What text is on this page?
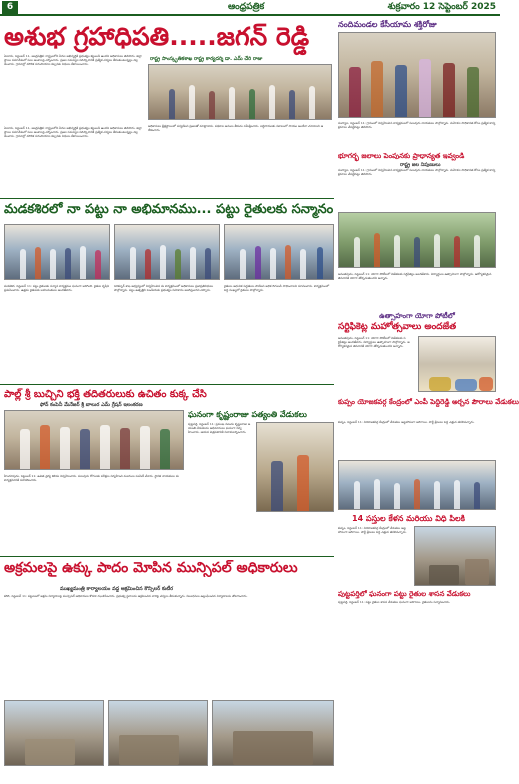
6	ఆంధ్రపత్రిక	శుక్రవారం 12 సెప్టెంబర్ 2025
అశుభ గ్రహాధిపతి.....జగన్ రెడ్డి
రాష్ట్ర సాంస్కృతికశాఖ రాష్ట్ర కార్యదర్శి డా. ఎమ్ చేరి రాజు
ఏలూరు, సెప్టెంబర్ 11, ఆంధ్రపత్రిక: రాష్ట్రంలోని పేదల అభివృద్ధికి ప్రభుత్వం కట్టుబడి ఉందని అధికారులు తెలిపారు. జిల్లా స్థాయి సమావేశంలో పలు అంశాలపై చర్చించారు. ప్రజల సమస్యల పరిష్కారానికి ప్రత్యేక చర్యలు తీసుకుంటున్నట్లు వెల్లడించారు. గ్రామాల్లో మౌలిక సదుపాయాల కల్పనకు నిధులు కేటాయించారు.
ఏలూరు, సెప్టెంబర్ 11, ఆంధ్రపత్రిక: రాష్ట్రంలోని పేదల అభివృద్ధికి ప్రభుత్వం కట్టుబడి ఉందని అధికారులు తెలిపారు. జిల్లా స్థాయి సమావేశంలో పలు అంశాలపై చర్చించారు. ప్రజల సమస్యల పరిష్కారానికి ప్రత్యేక చర్యలు తీసుకుంటున్నట్లు వెల్లడించారు. గ్రామాల్లో మౌలిక సదుపాయాల కల్పనకు నిధులు కేటాయించారు.
అధికారులు క్షేత్రస్థాయిలో పర్యటించి ప్రజలతో మాట్లాడారు. పథకాల అమలు తీరును సమీక్షించారు. లబ్ధిదారులకు సకాలంలో సాయం అందేలా చూడాలని ఆదేశించారు.
నందిమండల కేసీయామ శక్తిరోజు
నంద్యాల, సెప్టెంబర్ 11: గ్రామంలో నిర్వహించిన కార్యక్రమంలో పలువురు నాయకులు పాల్గొన్నారు. మహిళల సాధికారత కోసం ప్రత్యేక కార్యక్రమాలు చేపట్టినట్లు తెలిపారు.
భూగర్భ జలాలు పెంపునకు ప్రాధాన్యత ఇవ్వండి
రాష్ట్ర జల నిపుణులు
నంద్యాల, సెప్టెంబర్ 11: గ్రామంలో నిర్వహించిన కార్యక్రమంలో పలువురు నాయకులు పాల్గొన్నారు. మహిళల సాధికారత కోసం ప్రత్యేక కార్యక్రమాలు చేపట్టినట్లు తెలిపారు.
మడకశిరలో నా పట్టు నా అభిమానము... పట్టు రైతులకు సన్మానం
మడకశిర, సెప్టెంబర్ 11: పట్టు రైతులకు సన్మాన కార్యక్రమం ఘనంగా జరిగింది. రైతుల కృషిని ప్రశంసించారు. ఉత్తమ రైతులకు బహుమతులు అందజేశారు.
సెరికల్చర్ శాఖ ఆధ్వర్యంలో నిర్వహించిన ఈ కార్యక్రమంలో అధికారులు ప్రజాప్రతినిధులు పాల్గొన్నారు. పట్టు ఉత్పత్తిని పెంచేందుకు ప్రభుత్వం సహకారం అందిస్తుందని చెప్పారు.
రైతులు ఆధునిక పద్ధతులు పాటించి అధిక దిగుబడి సాధించాలని సూచించారు. కార్యక్రమంలో పెద్ద సంఖ్యలో రైతులు పాల్గొన్నారు.
అనంతపురం, సెప్టెంబర్ 11: యోగా పోటీలలో విజేతలకు సర్టిఫికెట్లు అందజేశారు. విద్యార్థులు ఉత్సాహంగా పాల్గొన్నారు. ఆరోగ్యకరమైన జీవనానికి యోగా తోడ్పడుతుందని అన్నారు.
ఉత్సాహంగా యోగా పోటీలో
సర్టిఫికెట్ల మహోత్సవాలు అందజేత
అనంతపురం, సెప్టెంబర్ 11: యోగా పోటీలలో విజేతలకు సర్టిఫికెట్లు అందజేశారు. విద్యార్థులు ఉత్సాహంగా పాల్గొన్నారు. ఆరోగ్యకరమైన జీవనానికి యోగా తోడ్పడుతుందని అన్నారు.
పాల్ల్ శ్రీ బుచ్చిని భక్తి తదితరులుకు ఉచితం కుక్క చేసి
ఫోన్ కంపెనీ మేనేజర్ శ్రీ బాలుర ఎమ్ గ్రేషన్ ఇలంకరణ
హిందూపురం, సెప్టెంబర్ 11: ఉచిత వైద్య శిబిరం నిర్వహించారు. పలువురు రోగులకు పరీక్షలు నిర్వహించి మందులు పంపిణీ చేశారు. స్థానిక నాయకులు ఈ కార్యక్రమానికి సహకరించారు.
ఘనంగా కృష్ణంరాజు పత్యంతి వేడుకలు
పుట్టపర్తి, సెప్టెంబర్ 11: ప్రముఖ నటుడు కృష్ణంరాజు జయంతి వేడుకలను అభిమానులు ఘనంగా నిర్వహించారు. ఆయన చిత్రపటానికి నివాళులర్పించారు.
కుప్పం యోజకవర్గ కేంద్రంలో ఎంపీ పెద్దిరెడ్డి అర్చన పౌరాలు వేడుకలు
కుప్పం, సెప్టెంబర్ 11: నియోజకవర్గ కేంద్రంలో వేడుకలు అట్టహాసంగా జరిగాయి. పార్టీ శ్రేణులు పెద్ద ఎత్తున తరలివచ్చారు.
14 పస్తుల కేళన మరియు విధి పిలకి
కుప్పం, సెప్టెంబర్ 11: నియోజకవర్గ కేంద్రంలో వేడుకలు అట్టహాసంగా జరిగాయి. పార్టీ శ్రేణులు పెద్ద ఎత్తున తరలివచ్చారు.
అక్రమలపై ఉక్కు పాదం మోపిన మున్సిపల్ అధికారులు
ముఖ్యమంత్రి కార్యాలయం వద్ద ఆక్రమించిన కౌన్సిలర్ కుటీర
కదిరి, సెప్టెంబర్ 11: పట్టణంలో అక్రమ నిర్మాణాలపై మున్సిపల్ అధికారులు కొరడా ఝుళిపించారు. ప్రభుత్వ స్థలాలను ఆక్రమించిన వారిపై చర్యలు తీసుకున్నారు. నిబంధనలు ఉల్లంఘించిన నిర్మాణాలను తొలగించారు.	పుట్టపర్తిలో ఘనంగా పట్టు రైతుల శాసన వేడుకలు
పుట్టపర్తి, సెప్టెంబర్ 11: పట్టు రైతుల శాసన వేడుకలు ఘనంగా జరిగాయి. రైతులను సన్మానించారు.
